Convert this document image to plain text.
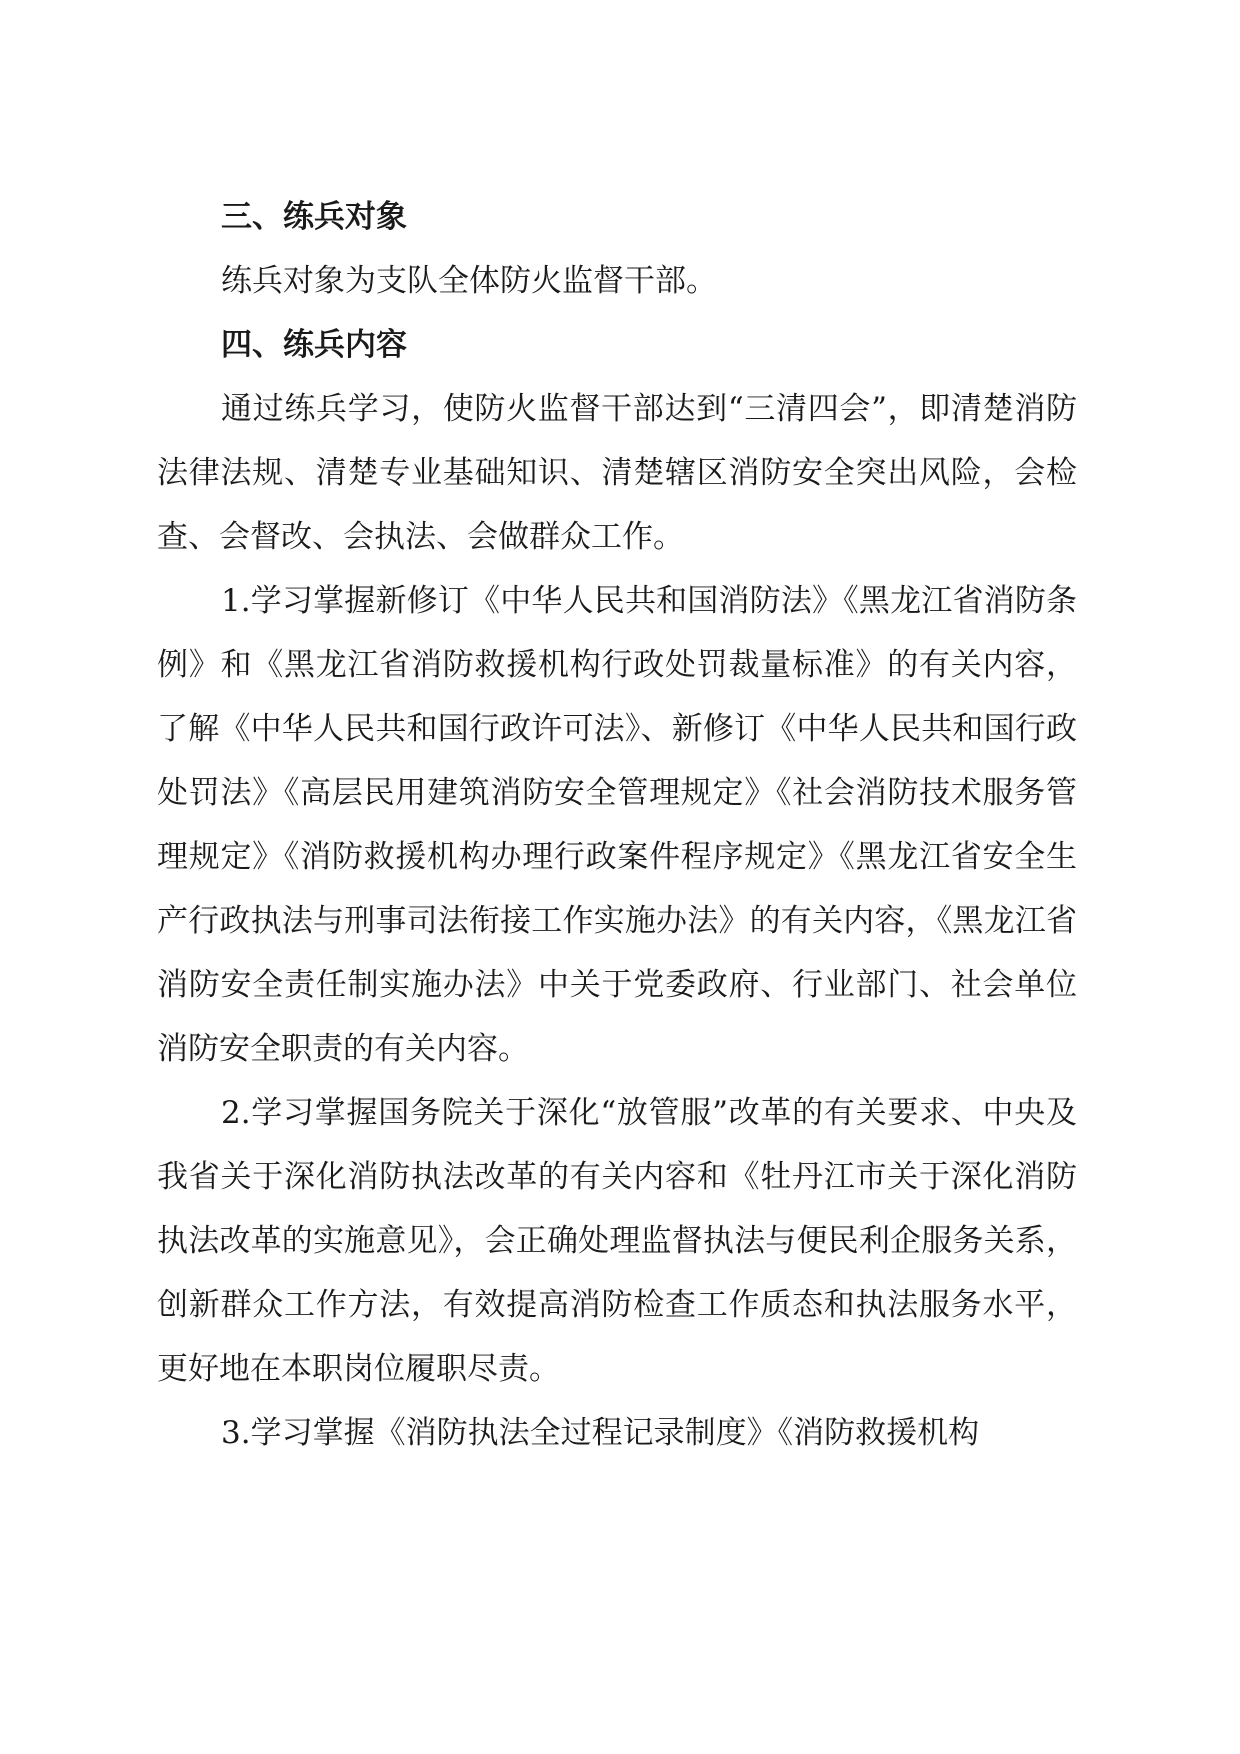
三、练兵对象

练兵对象为支队全体防火监督干部。

四、练兵内容

通过练兵学习，使防火监督干部达到“三清四会”，即清楚消防法律法规、清楚专业基础知识、清楚辖区消防安全突出风险，会检查、会督改、会执法、会做群众工作。

1.学习掌握新修订《中华人民共和国消防法》《黑龙江省消防条例》和《黑龙江省消防救援机构行政处罚裁量标准》的有关内容，了解《中华人民共和国行政许可法》、新修订《中华人民共和国行政处罚法》《高层民用建筑消防安全管理规定》《社会消防技术服务管理规定》《消防救援机构办理行政案件程序规定》《黑龙江省安全生产行政执法与刑事司法衔接工作实施办法》的有关内容，《黑龙江省消防安全责任制实施办法》中关于党委政府、行业部门、社会单位消防安全职责的有关内容。

2.学习掌握国务院关于深化“放管服”改革的有关要求、中央及我省关于深化消防执法改革的有关内容和《牡丹江市关于深化消防执法改革的实施意见》，会正确处理监督执法与便民利企服务关系，创新群众工作方法，有效提高消防检查工作质态和执法服务水平，更好地在本职岗位履职尽责。

3.学习掌握《消防执法全过程记录制度》《消防救援机构
